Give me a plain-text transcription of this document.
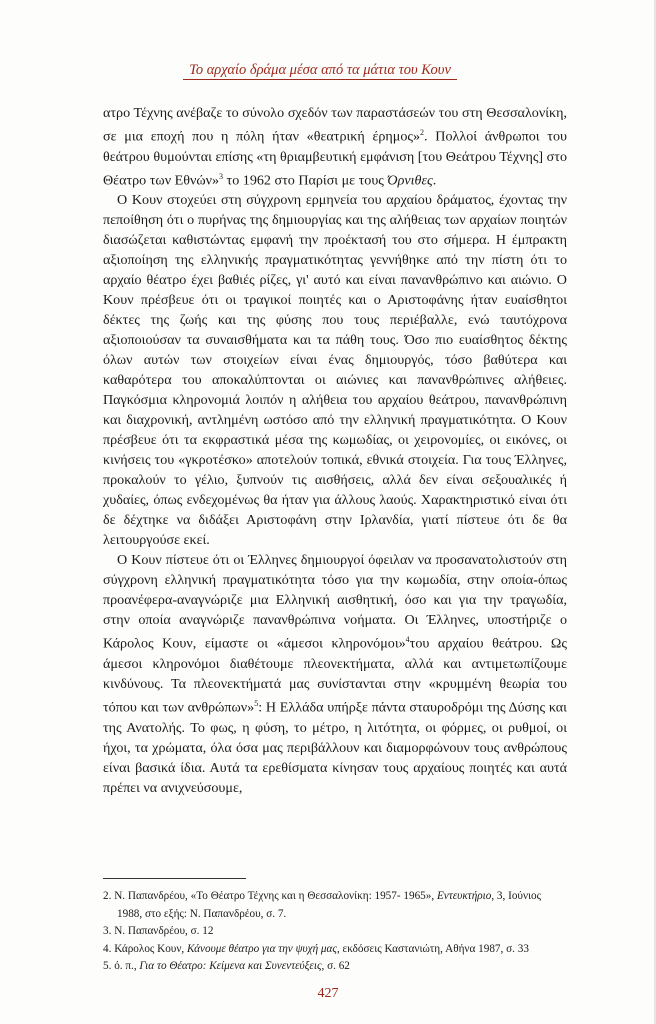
Το αρχαίο δράμα μέσα από τα μάτια του Κουν

ατρο Τέχνης ανέβαζε το σύνολο σχεδόν των παραστάσεών του στη Θεσσαλονίκη, σε μια εποχή που η πόλη ήταν «θεατρική έρημος»$^2$. Πολλοί άνθρωποι του θεάτρου θυμούνται επίσης «τη θριαμβευτική εμφάνιση [του Θεάτρου Τέχνης] στο Θέατρο των Εθνών»$^3$ το 1962 στο Παρίσι με τους Όρνιθες.

Ο Κουν στοχεύει στη σύγχρονη ερμηνεία του αρχαίου δράματος, έχοντας την πεποίθηση ότι ο πυρήνας της δημιουργίας και της αλήθειας των αρχαίων ποιητών διασώζεται καθιστώντας εμφανή την προέκτασή του στο σήμερα. Η έμπρακτη αξιοποίηση της ελληνικής πραγματικότητας γεννήθηκε από την πίστη ότι το αρχαίο θέατρο έχει βαθιές ρίζες, γι' αυτό και είναι πανανθρώπινο και αιώνιο. Ο Κουν πρέσβευε ότι οι τραγικοί ποιητές και ο Αριστοφάνης ήταν ευαίσθητοι δέκτες της ζωής και της φύσης που τους περιέβαλλε, ενώ ταυτόχρονα αξιοποιούσαν τα συναισθήματα και τα πάθη τους. Όσο πιο ευαίσθητος δέκτης όλων αυτών των στοιχείων είναι ένας δημιουργός, τόσο βαθύτερα και καθαρότερα του αποκαλύπτονται οι αιώνιες και πανανθρώπινες αλήθειες. Παγκόσμια κληρονομιά λοιπόν η αλήθεια του αρχαίου θεάτρου, πανανθρώπινη και διαχρονική, αντλημένη ωστόσο από την ελληνική πραγματικότητα. Ο Κουν πρέσβευε ότι τα εκφραστικά μέσα της κωμωδίας, οι χειρονομίες, οι εικόνες, οι κινήσεις του «γκροτέσκο» αποτελούν τοπικά, εθνικά στοιχεία. Για τους Έλληνες, προκαλούν το γέλιο, ξυπνούν τις αισθήσεις, αλλά δεν είναι σεξουαλικές ή χυδαίες, όπως ενδεχομένως θα ήταν για άλλους λαούς. Χαρακτηριστικό είναι ότι δε δέχτηκε να διδάξει Αριστοφάνη στην Ιρλανδία, γιατί πίστευε ότι δε θα λειτουργούσε εκεί.

Ο Κουν πίστευε ότι οι Έλληνες δημιουργοί όφειλαν να προσανατολιστούν στη σύγχρονη ελληνική πραγματικότητα τόσο για την κωμωδία, στην οποία-όπως προανέφερα-αναγνώριζε μια Ελληνική αισθητική, όσο και για την τραγωδία, στην οποία αναγνώριζε πανανθρώπινα νοήματα. Οι Έλληνες, υποστήριζε ο Κάρολος Κουν, είμαστε οι «άμεσοι κληρονόμοι»$^4$του αρχαίου θεάτρου. Ως άμεσοι κληρονόμοι διαθέτουμε πλεονεκτήματα, αλλά και αντιμετωπίζουμε κινδύνους. Τα πλεονεκτήματά μας συνίστανται στην «κρυμμένη θεωρία του τόπου και των ανθρώπων»$^5$: Η Ελλάδα υπήρξε πάντα σταυροδρόμι της Δύσης και της Ανατολής. Το φως, η φύση, το μέτρο, η λιτότητα, οι φόρμες, οι ρυθμοί, οι ήχοι, τα χρώματα, όλα όσα μας περιβάλλουν και διαμορφώνουν τους ανθρώπους είναι βασικά ίδια. Αυτά τα ερεθίσματα κίνησαν τους αρχαίους ποιητές και αυτά πρέπει να ανιχνεύσουμε,

2. Ν. Παπανδρέου, «Το Θέατρο Τέχνης και η Θεσσαλονίκη: 1957- 1965», Εντευκτήριο, 3, Ιούνιος 1988, στο εξής: Ν. Παπανδρέου, σ. 7.
3. Ν. Παπανδρέου, σ. 12
4. Κάρολος Κουν, Κάνουμε θέατρο για την ψυχή μας, εκδόσεις Καστανιώτη, Αθήνα 1987, σ. 33
5. ό. π., Για το Θέατρο: Κείμενα και Συνεντεύξεις, σ. 62
427
